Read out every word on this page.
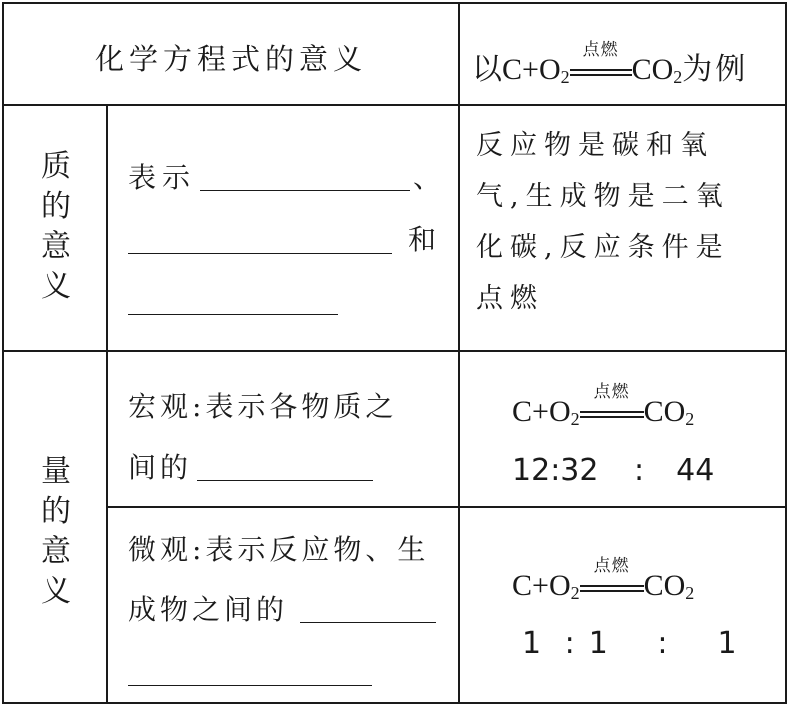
化学方程式的意义	以$C+O_2$
点燃
$CO_2$为例
质
的
意
义
表示	、
和
反应物是碳和氧
气,生成物是二氧
化碳,反应条件是
点燃
量
的
意
义
宏观:表示各物质之
间的
微观:表示反应物、生
成物之间的
$C+O_2$
点燃
$CO_2$
12:32 : 44
$C+O_2$
点燃
$CO_2$
1 : 1 : 1
